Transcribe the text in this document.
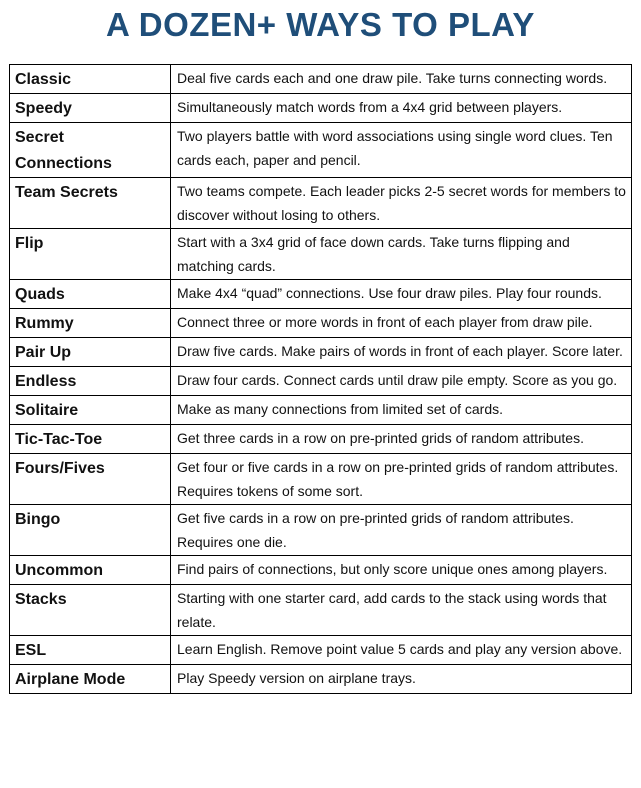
A DOZEN+ WAYS TO PLAY
Classic	Deal five cards each and one draw pile. Take turns connecting words.
Speedy	Simultaneously match words from a 4x4 grid between players.
Secret Connections	Two players battle with word associations using single word clues. Ten cards each, paper and pencil.
Team Secrets	Two teams compete. Each leader picks 2-5 secret words for members to discover without losing to others.
Flip	Start with a 3x4 grid of face down cards. Take turns flipping and matching cards.
Quads	Make 4x4 “quad” connections. Use four draw piles. Play four rounds.
Rummy	Connect three or more words in front of each player from draw pile.
Pair Up	Draw five cards. Make pairs of words in front of each player. Score later.
Endless	Draw four cards. Connect cards until draw pile empty. Score as you go.
Solitaire	Make as many connections from limited set of cards.
Tic-Tac-Toe	Get three cards in a row on pre-printed grids of random attributes.
Fours/Fives	Get four or five cards in a row on pre-printed grids of random attributes. Requires tokens of some sort.
Bingo	Get five cards in a row on pre-printed grids of random attributes. Requires one die.
Uncommon	Find pairs of connections, but only score unique ones among players.
Stacks	Starting with one starter card, add cards to the stack using words that relate.
ESL	Learn English. Remove point value 5 cards and play any version above.
Airplane Mode	Play Speedy version on airplane trays.
